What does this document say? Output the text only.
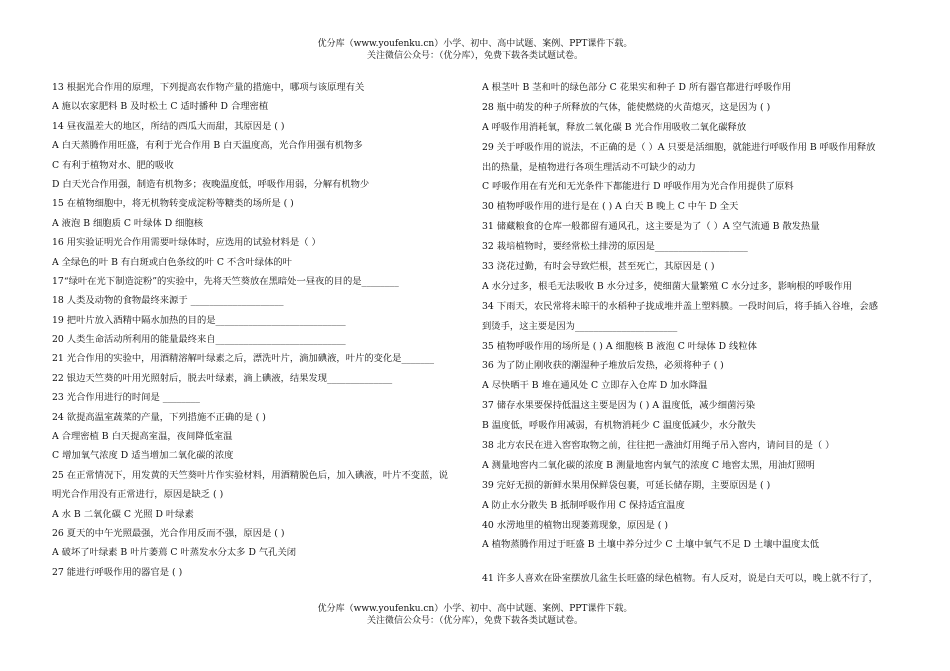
优分库（www.youfenku.cn）小学、初中、高中试题、案例、PPT课件下载。
关注微信公众号：（优分库），免费下载各类试题试卷。
13 根据光合作用的原理，下列提高农作物产量的措施中，哪项与该原理有关
A 施以农家肥料 B 及时松土 C 适时播种 D 合理密植
14 昼夜温差大的地区，所结的西瓜大而甜，其原因是 ( )
A 白天蒸腾作用旺盛，有利于光合作用 B 白天温度高，光合作用强有机物多
C 有利于植物对水、肥的吸收
D 白天光合作用强，制造有机物多；夜晚温度低，呼吸作用弱，分解有机物少
15 在植物细胞中，将无机物转变成淀粉等糖类的场所是 ( )
A 液泡 B 细胞质 C 叶绿体 D 细胞核
16 用实验证明光合作用需要叶绿体时，应选用的试验材料是（ ）
A 全绿色的叶 B 有白斑或白色条纹的叶 C 不含叶绿体的叶
17“绿叶在光下制造淀粉”的实验中，先将天竺葵放在黑暗处一昼夜的目的是________
18 人类及动物的食物最终来源于 ____________________
19 把叶片放入酒精中隔水加热的目的是____________________________
20 人类生命活动所利用的能量最终来自____________________________
21 光合作用的实验中，用酒精溶解叶绿素之后，漂洗叶片，滴加碘液，叶片的变化是_______
22 银边天竺葵的叶用光照射后，脱去叶绿素，滴上碘液，结果发现______________
23 光合作用进行的时间是 ________
24 欲提高温室蔬菜的产量，下列措施不正确的是 ( )
A 合理密植 B 白天提高室温，夜间降低室温
C 增加氧气浓度 D 适当增加二氧化碳的浓度
25 在正常情况下，用发黄的天竺葵叶片作实验材料，用酒精脱色后，加入碘液，叶片不变蓝，说
明光合作用没有正常进行，原因是缺乏 ( )
A 水 B 二氧化碳 C 光照 D 叶绿素
26 夏天的中午光照最强，光合作用反而不强，原因是 ( )
A 破坏了叶绿素 B 叶片萎蔫 C 叶蒸发水分太多 D 气孔关闭
27 能进行呼吸作用的器官是 ( )
A 根茎叶 B 茎和叶的绿色部分 C 花果实和种子 D 所有器官都进行呼吸作用
28 瓶中萌发的种子所释放的气体，能使燃烧的火苗熄灭，这是因为 ( )
A 呼吸作用消耗氧，释放二氧化碳 B 光合作用吸收二氧化碳释放
29 关于呼吸作用的说法，不正确的是（ ）A 只要是活细胞，就能进行呼吸作用 B 呼吸作用释放
出的热量，是植物进行各项生理活动不可缺少的动力
C 呼吸作用在有光和无光条件下都能进行 D 呼吸作用为光合作用提供了原料
30 植物呼吸作用的进行是在 ( ) A 白天 B 晚上 C 中午 D 全天
31 储藏粮食的仓库一般都留有通风孔，这主要是为了（ ）A 空气流通 B 散发热量
32 栽培植物时，要经常松土排涝的原因是____________________
33 浇花过勤，有时会导致烂根，甚至死亡，其原因是 ( )
A 水分过多，根毛无法吸收 B 水分过多，使细菌大量繁殖 C 水分过多，影响根的呼吸作用
34 下雨天，农民常将未晾干的水稻种子拢成堆并盖上塑料膜。一段时间后，将手插入谷堆，会感
到烫手，这主要是因为______________________
35 植物呼吸作用的场所是 ( ) A 细胞核 B 液泡 C 叶绿体 D 线粒体
36 为了防止刚收获的潮湿种子堆放后发热，必须将种子 ( )
A 尽快晒干 B 堆在通风处 C 立即存入仓库 D 加水降温
37 储存水果要保持低温这主要是因为 ( ) A 温度低，减少细菌污染
B 温度低，呼吸作用减弱，有机物消耗少 C 温度低减少，水分散失
38 北方农民在进入窖窖取物之前，往往把一盏油灯用绳子吊入窖内，请问目的是（ ）
A 测量地窖内二氧化碳的浓度 B 测量地窖内氧气的浓度 C 地窖太黑，用油灯照明
39 完好无损的新鲜水果用保鲜袋包裹，可延长储存期，主要原因是 ( )
A 防止水分散失 B 抵制呼吸作用 C 保持适宜温度
40 水涝地里的植物出现萎蔫现象，原因是 ( )
A 植物蒸腾作用过于旺盛 B 土壤中养分过少 C 土壤中氧气不足 D 土壤中温度太低
41 许多人喜欢在卧室摆放几盆生长旺盛的绿色植物。有人反对，说是白天可以，晚上就不行了，
优分库（www.youfenku.cn）小学、初中、高中试题、案例、PPT课件下载。
关注微信公众号：（优分库），免费下载各类试题试卷。
